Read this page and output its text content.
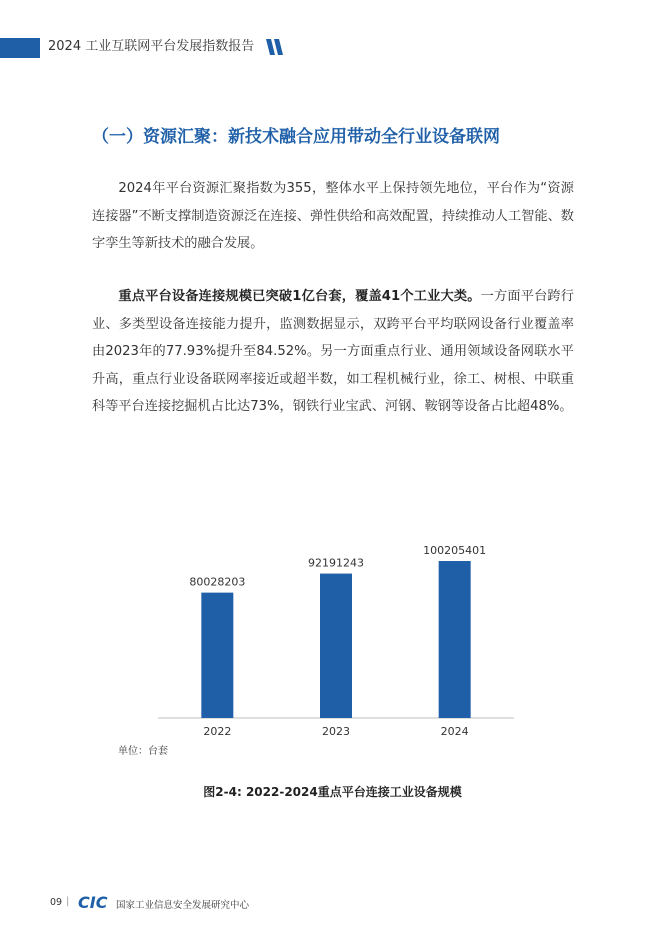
2024 工业互联网平台发展指数报告
（一）资源汇聚：新技术融合应用带动全行业设备联网

2024年平台资源汇聚指数为355，整体水平上保持领先地位，平台作为“资源连接器”不断支撑制造资源泛在连接、弹性供给和高效配置，持续推动人工智能、数字孪生等新技术的融合发展。

重点平台设备连接规模已突破1亿台套，覆盖41个工业大类。一方面平台跨行业、多类型设备连接能力提升，监测数据显示，双跨平台平均联网设备行业覆盖率由2023年的77.93%提升至84.52%。另一方面重点行业、通用领域设备网联水平升高，重点行业设备联网率接近或超半数，如工程机械行业，徐工、树根、中联重科等平台连接挖掘机占比达73%，钢铁行业宝武、河钢、鞍钢等设备占比超48%。

80028203
2022
92191243
2023
100205401
2024
单位：台套
图2-4: 2022-2024重点平台连接工业设备规模
09 | CIC 国家工业信息安全发展研究中心
